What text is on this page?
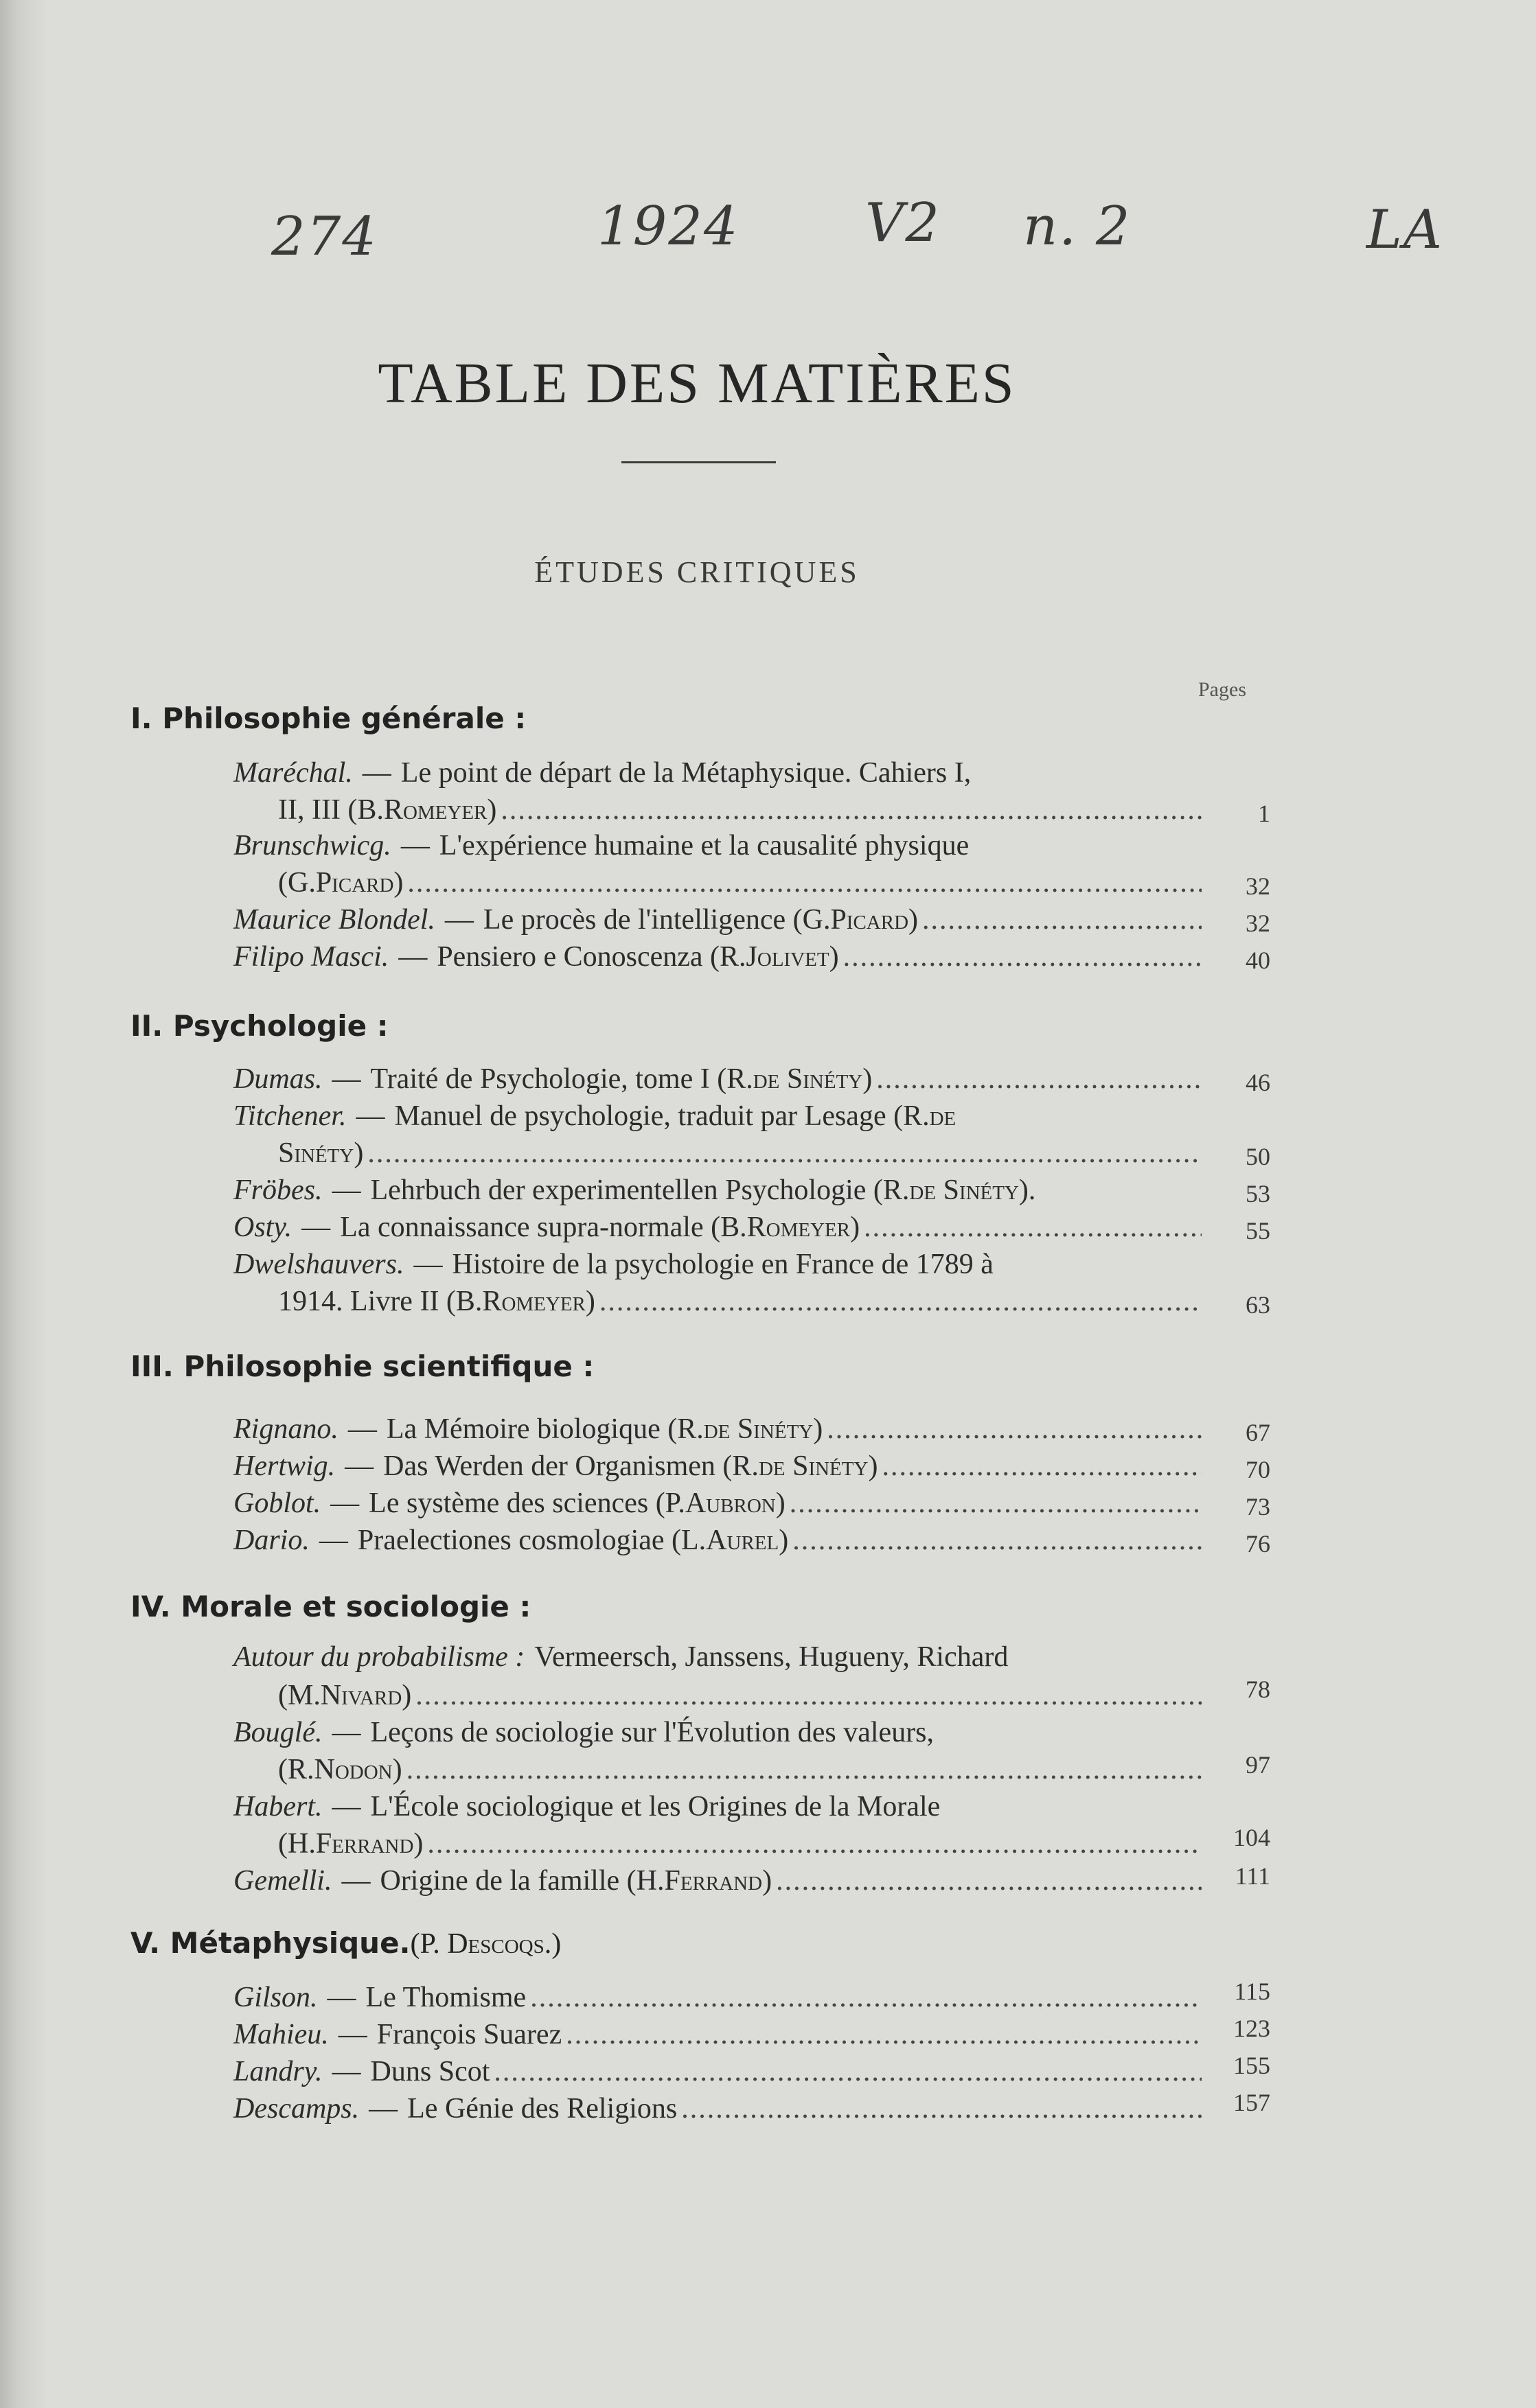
274	1924 V2 n. 2	LA
TABLE DES MATIÈRES
ÉTUDES CRITIQUES
Pages
I. Philosophie générale :
Maréchal. — Le point de départ de la Métaphysique. Cahiers I,
II, III (B. Romeyer ) .....	1
Brunschwicg. — L'expérience humaine et la causalité physique
(G. Picard ) .....	32
Maurice Blondel. — Le procès de l'intelligence (G. Picard ) .....	32
Filipo Masci. — Pensiero e Conoscenza (R. Jolivet ) .....	40
II. Psychologie :
Dumas. — Traité de Psychologie, tome I (R. de Sinéty ) .....	46
Titchener. — Manuel de psychologie, traduit par Lesage (R. de
Sinéty ) .....	50
Fröbes. — Lehrbuch der experimentellen Psychologie (R. de Sinéty ).	53
Osty. — La connaissance supra-normale (B. Romeyer ) .....	55
Dwelshauvers. — Histoire de la psychologie en France de 1789 à
1914. Livre II (B. Romeyer ) .....	63
III. Philosophie scientifique :
Rignano. — La Mémoire biologique (R. de Sinéty ) .....	67
Hertwig. — Das Werden der Organismen (R. de Sinéty ) .....	70
Goblot. — Le système des sciences (P. Aubron ) .....	73
Dario. — Praelectiones cosmologiae (L. Aurel ) .....	76
IV. Morale et sociologie :
Autour du probabilisme : Vermeersch, Janssens, Hugueny, Richard
(M. Nivard ) .....	78
Bouglé. — Leçons de sociologie sur l'Évolution des valeurs,
(R. Nodon ) .....	97
Habert. — L'École sociologique et les Origines de la Morale
(H. Ferrand ) .....	104
Gemelli. — Origine de la famille (H. Ferrand ) .....	111
V. Métaphysique.(P. Descoqs.)
Gilson. — Le Thomisme .....	115
Mahieu. — François Suarez .....	123
Landry. — Duns Scot .....	155
Descamps. — Le Génie des Religions .....	157
